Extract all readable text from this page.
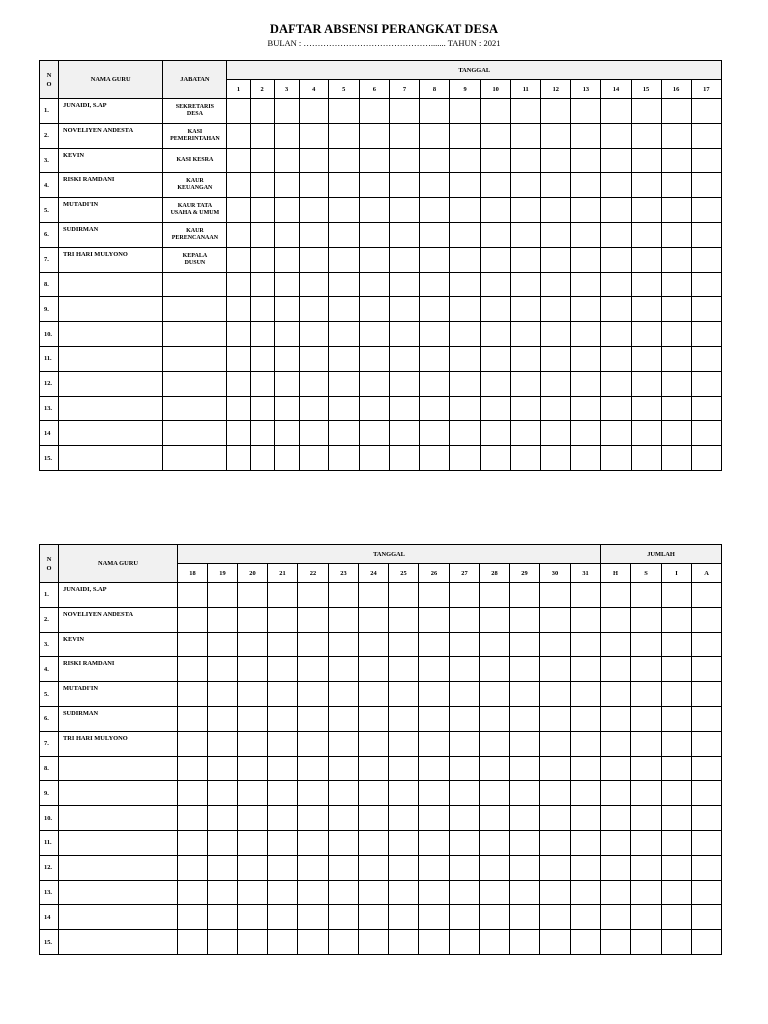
DAFTAR ABSENSI PERANGKAT DESA
BULAN : ………………………………………....... TAHUN : 2021
N
O	NAMA GURU	JABATAN	TANGGAL																
			1	2	3	4	5	6	7	8	9	10	11	12	13	14	15	16	17
1.	JUNAIDI, S.AP	SEKRETARIS
DESA																	
2.	NOVELIYEN ANDESTA	KASI
PEMERINTAHAN																	
3.	KEVIN	KASI KESRA																	
4.	RISKI RAMDANI	KAUR
KEUANGAN																	
5.	MUTADI'IN	KAUR TATA
USAHA & UMUM																	
6.	SUDIRMAN	KAUR
PERENCANAAN																	
7.	TRI HARI MULYONO	KEPALA
DUSUN																	
8.																			
9.																			
10.																			
11.																			
12.																			
13.																			
14																			
15.																			
N
O	NAMA GURU	TANGGAL														JUMLAH			
		18	19	20	21	22	23	24	25	26	27	28	29	30	31	H	S	I	A
1.	JUNAIDI, S.AP																		
2.	NOVELIYEN ANDESTA																		
3.	KEVIN																		
4.	RISKI RAMDANI																		
5.	MUTADI'IN																		
6.	SUDIRMAN																		
7.	TRI HARI MULYONO																		
8.																			
9.																			
10.																			
11.																			
12.																			
13.																			
14																			
15.																			
